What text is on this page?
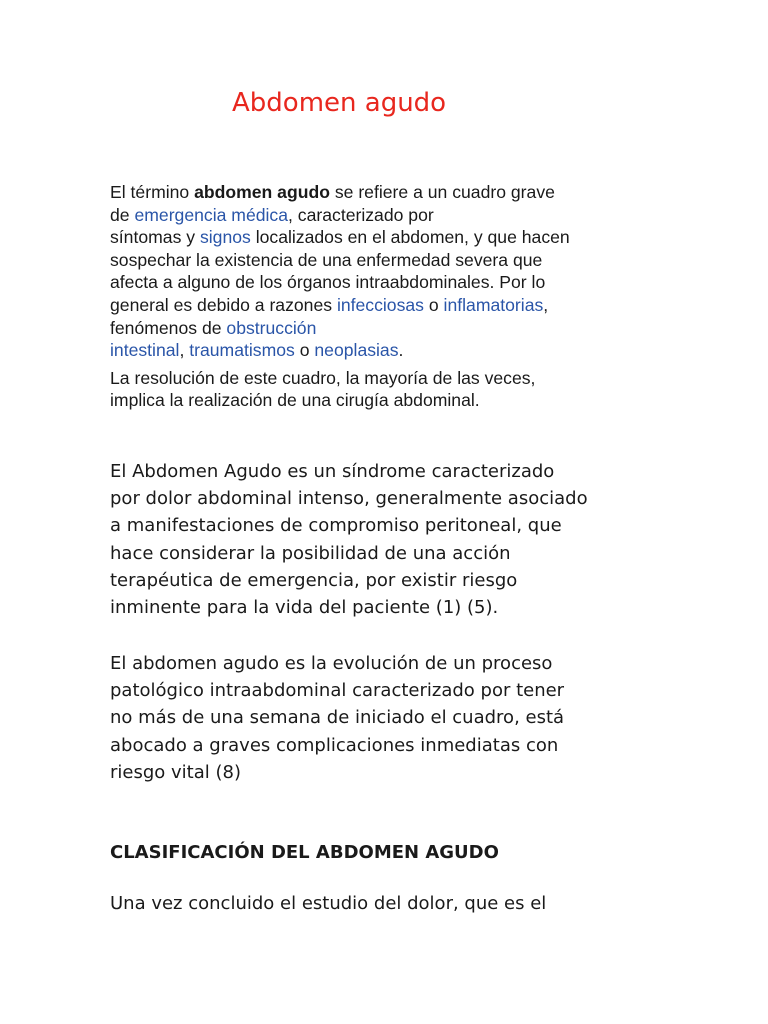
Abdomen agudo

El término abdomen agudo se refiere a un cuadro grave
de emergencia médica, caracterizado por
síntomas y signos localizados en el abdomen, y que hacen
sospechar la existencia de una enfermedad severa que
afecta a alguno de los órganos intraabdominales. Por lo
general es debido a razones infecciosas o inflamatorias,
fenómenos de obstrucción
intestinal, traumatismos o neoplasias.

La resolución de este cuadro, la mayoría de las veces,
implica la realización de una cirugía abdominal.

El Abdomen Agudo es un síndrome caracterizado
por dolor abdominal intenso, generalmente asociado
a manifestaciones de compromiso peritoneal, que
hace considerar la posibilidad de una acción
terapéutica de emergencia, por existir riesgo
inminente para la vida del paciente (1) (5).

El abdomen agudo es la evolución de un proceso
patológico intraabdominal caracterizado por tener
no más de una semana de iniciado el cuadro, está
abocado a graves complicaciones inmediatas con
riesgo vital (8)

CLASIFICACIÓN DEL ABDOMEN AGUDO

Una vez concluido el estudio del dolor, que es el
